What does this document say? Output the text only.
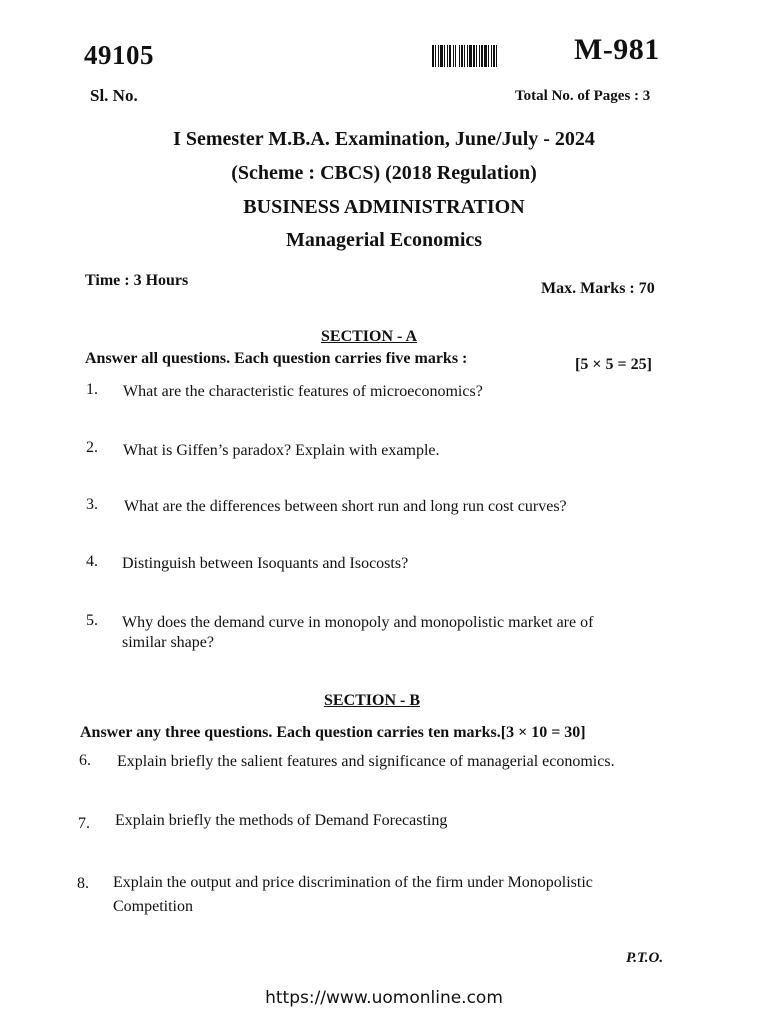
49105	M-981
Sl. No.	Total No. of Pages : 3
I Semester M.B.A. Examination, June/July - 2024
(Scheme : CBCS) (2018 Regulation)
BUSINESS ADMINISTRATION
Managerial Economics
Time : 3 Hours	Max. Marks : 70
SECTION - A
Answer all questions. Each question carries five marks :	[5 × 5 = 25]
1. What are the characteristic features of microeconomics?
2. What is Giffen’s paradox? Explain with example.
3. What are the differences between short run and long run cost curves?
4. Distinguish between Isoquants and Isocosts?
5. Why does the demand curve in monopoly and monopolistic market are of
similar shape?
SECTION - B
Answer any three questions. Each question carries ten marks.[3 × 10 = 30]
6. Explain briefly the salient features and significance of managerial economics.
7. Explain briefly the methods of Demand Forecasting
8. Explain the output and price discrimination of the firm under Monopolistic
Competition
P.T.O.
https://www.uomonline.com
